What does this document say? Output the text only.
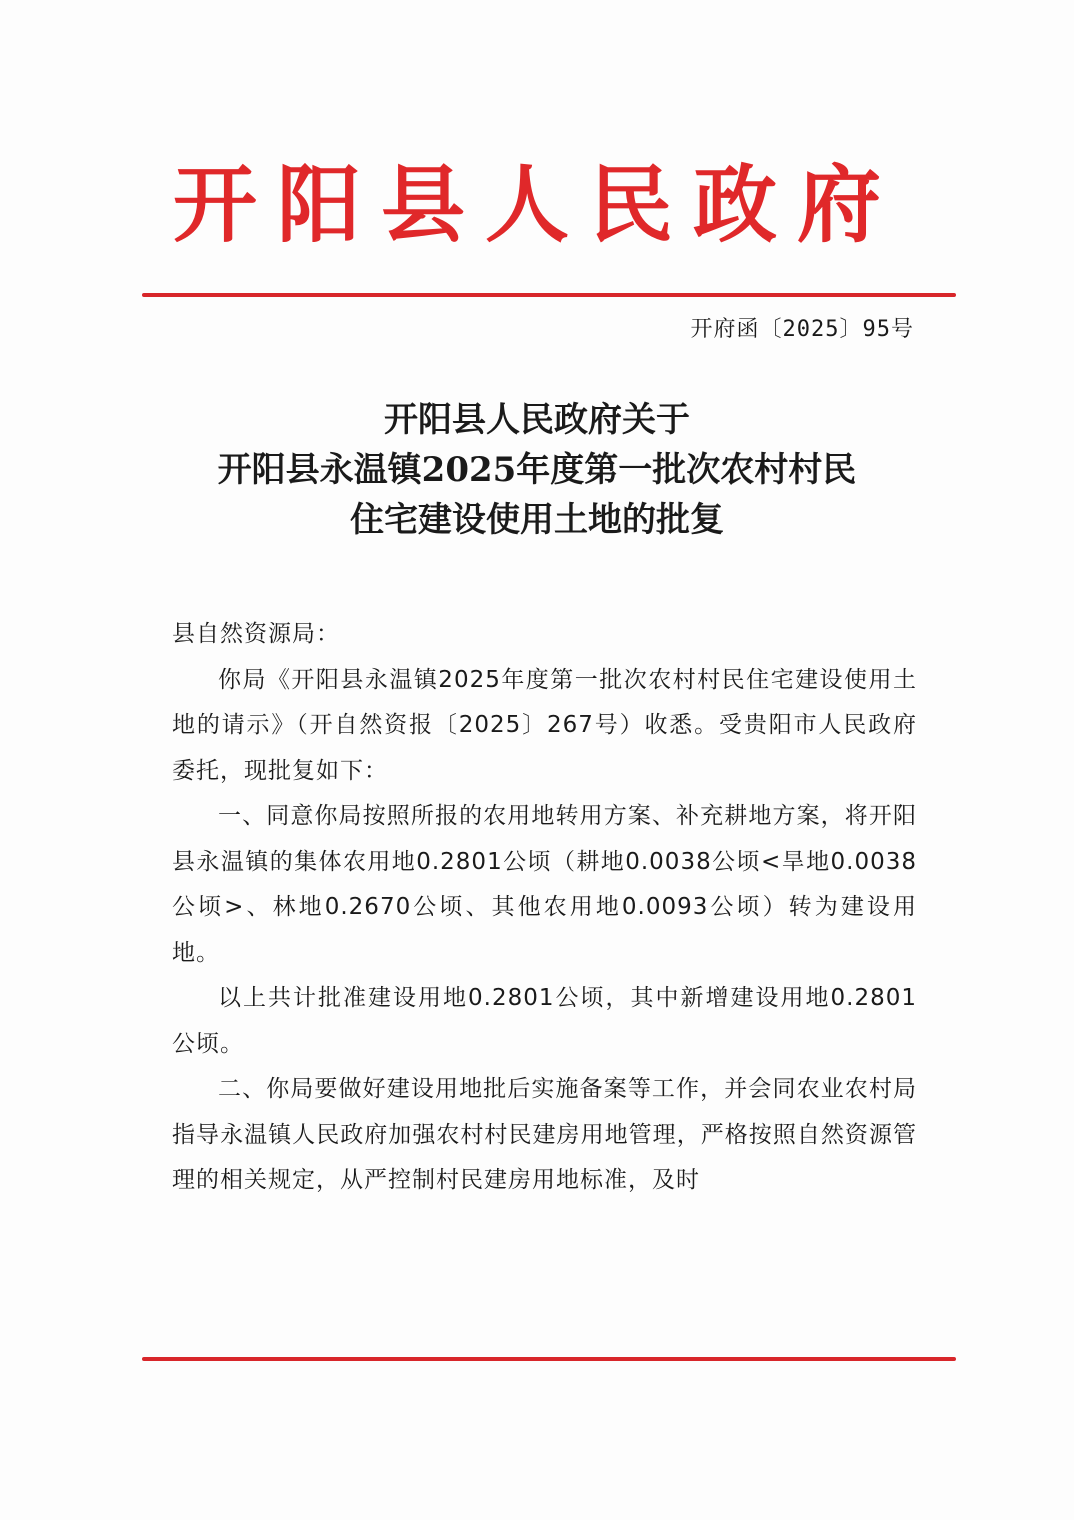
开阳县人民政府
开府函〔2025〕95号
开阳县人民政府关于
开阳县永温镇2025年度第一批次农村村民
住宅建设使用土地的批复

县自然资源局：

你局《开阳县永温镇2025年度第一批次农村村民住宅建设使用土地的请示》（开自然资报〔2025〕267号）收悉。受贵阳市人民政府委托，现批复如下：

一、同意你局按照所报的农用地转用方案、补充耕地方案，将开阳县永温镇的集体农用地0.2801公顷（耕地0.0038公顷<旱地0.0038公顷>、林地0.2670公顷、其他农用地0.0093公顷）转为建设用地。

以上共计批准建设用地0.2801公顷，其中新增建设用地0.2801公顷。

二、你局要做好建设用地批后实施备案等工作，并会同农业农村局指导永温镇人民政府加强农村村民建房用地管理，严格按照自然资源管理的相关规定，从严控制村民建房用地标准，及时
